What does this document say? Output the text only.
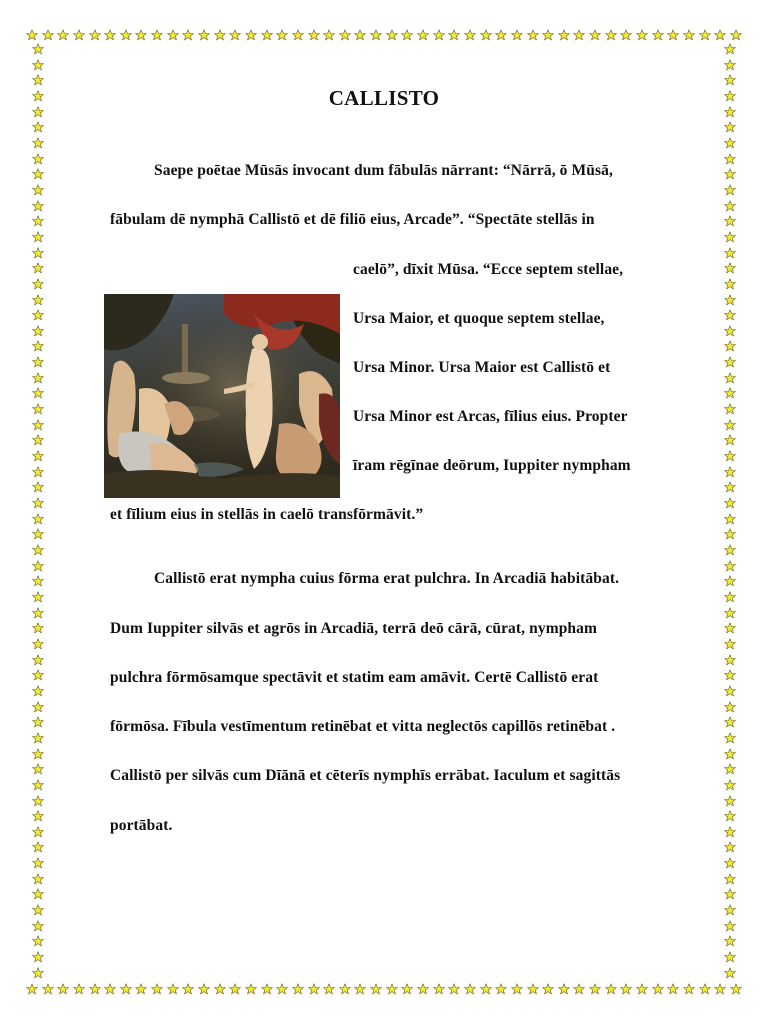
CALLISTO
Saepe poētae Mūsās invocant dum fābulās nārrant: “Nārrā, ō Mūsā,
fābulam dē nymphā Callistō et dē filiō eius, Arcade”. “Spectāte stellās in
caelō”, dīxit Mūsa. “Ecce septem stellae,
Ursa Maior, et quoque septem stellae,
Ursa Minor. Ursa Maior est Callistō et
Ursa Minor est Arcas, fīlius eius. Propter
īram rēgīnae deōrum, Iuppiter nympham
et fīlium eius in stellās in caelō transfōrmāvit.”
Callistō erat nympha cuius fōrma erat pulchra. In Arcadiā habitābat.
Dum Iuppiter silvās et agrōs in Arcadiā, terrā deō cārā, cūrat, nympham
pulchra fōrmōsamque spectāvit et statim eam amāvit. Certē Callistō erat
fōrmōsa. Fībula vestīmentum retinēbat et vitta neglectōs capillōs retinēbat .
Callistō per silvās cum Dīānā et cēterīs nymphīs errābat. Iaculum et sagittās
portābat.
